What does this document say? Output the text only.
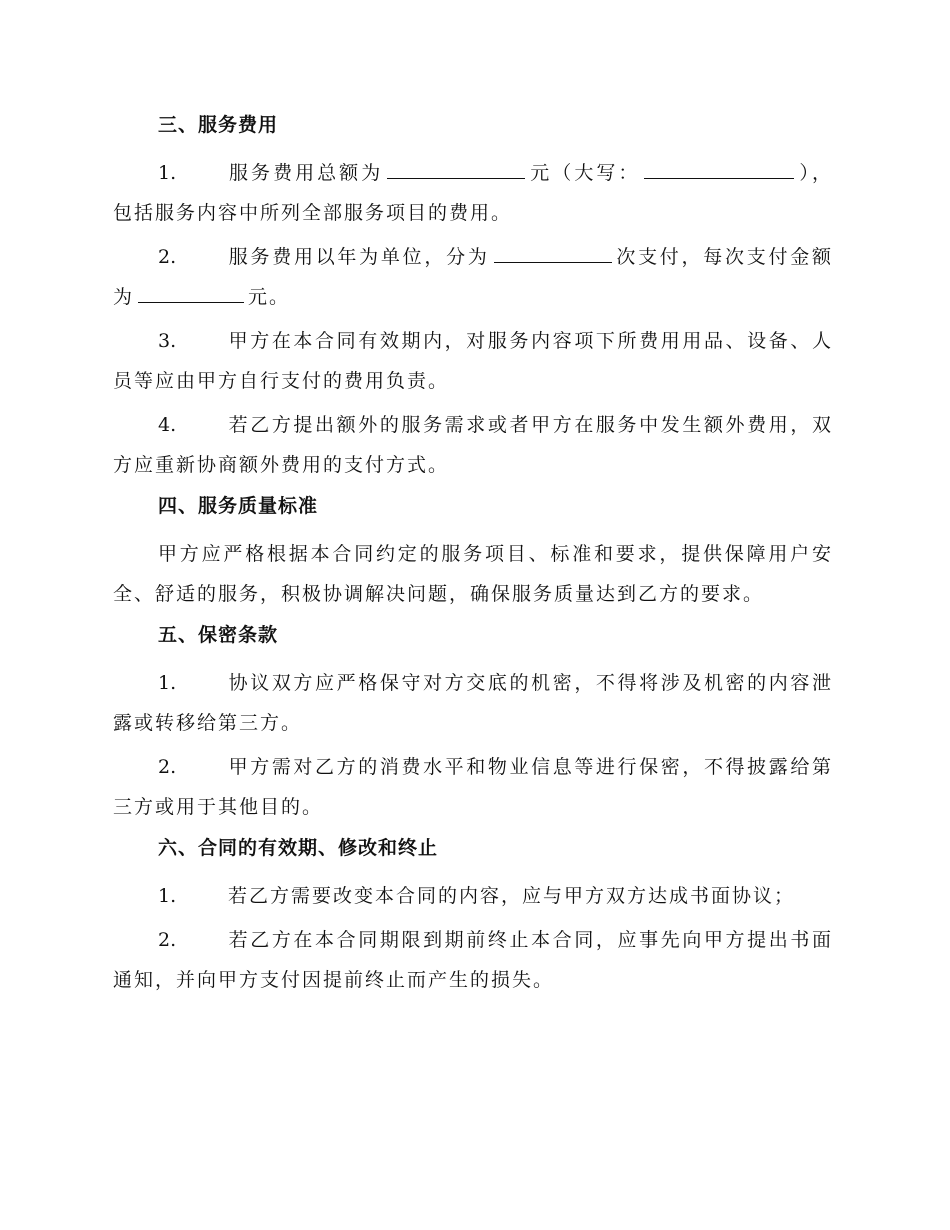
三、服务费用

1.	服务费用总额为	元（大写：	），包括服务内容中所列全部服务项目的费用。

2.	服务费用以年为单位，分为	次支付，每次支付金额为	元。

3.	甲方在本合同有效期内，对服务内容项下所费用用品、设备、人员等应由甲方自行支付的费用负责。

4.	若乙方提出额外的服务需求或者甲方在服务中发生额外费用，双方应重新协商额外费用的支付方式。

四、服务质量标准

甲方应严格根据本合同约定的服务项目、标准和要求，提供保障用户安全、舒适的服务，积极协调解决问题，确保服务质量达到乙方的要求。

五、保密条款

1.	协议双方应严格保守对方交底的机密，不得将涉及机密的内容泄露或转移给第三方。

2.	甲方需对乙方的消费水平和物业信息等进行保密，不得披露给第三方或用于其他目的。

六、合同的有效期、修改和终止

1.	若乙方需要改变本合同的内容，应与甲方双方达成书面协议；

2.	若乙方在本合同期限到期前终止本合同，应事先向甲方提出书面通知，并向甲方支付因提前终止而产生的损失。
